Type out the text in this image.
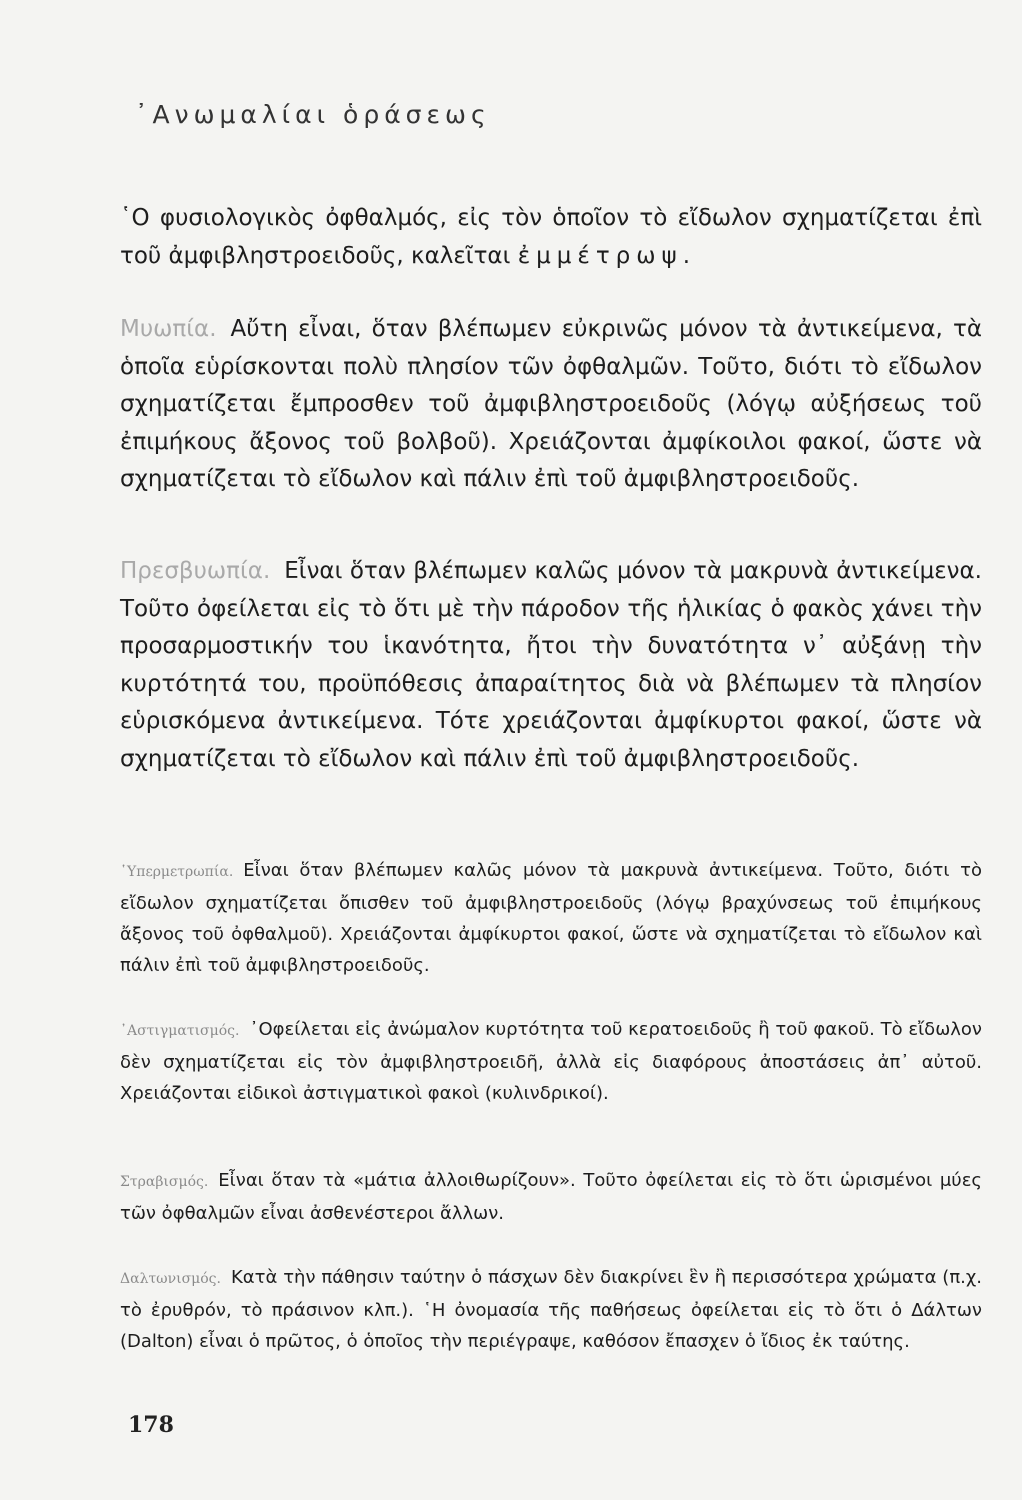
᾿Ανωμαλίαι ὁράσεως

῾Ο φυσιολογικὸς ὀφθαλμός, εἰς τὸν ὁποῖον τὸ εἴδωλον σχηματίζεται ἐπὶ τοῦ ἀμφιβληστροειδοῦς, καλεῖται ἐμμέτρωψ.

Μυωπία. Αὔτη εἶναι, ὅταν βλέπωμεν εὐκρινῶς μόνον τὰ ἀντικείμενα, τὰ ὁποῖα εὑρίσκονται πολὺ πλησίον τῶν ὀφθαλμῶν. Τοῦτο, διότι τὸ εἴδωλον σχηματίζεται ἔμπροσθεν τοῦ ἀμφιβληστροειδοῦς (λόγῳ αὐξήσεως τοῦ ἐπιμήκους ἄξονος τοῦ βολβοῦ). Χρειάζονται ἀμφίκοιλοι φακοί, ὥστε νὰ σχηματίζεται τὸ εἴδωλον καὶ πάλιν ἐπὶ τοῦ ἀμφιβληστροειδοῦς.

Πρεσβυωπία. Εἶναι ὅταν βλέπωμεν καλῶς μόνον τὰ μακρυνὰ ἀντικείμενα. Τοῦτο ὀφείλεται εἰς τὸ ὅτι μὲ τὴν πάροδον τῆς ἡλικίας ὁ φακὸς χάνει τὴν προσαρμοστικήν του ἱκανότητα, ἤτοι τὴν δυνατότητα ν᾿ αὐξάνῃ τὴν κυρτότητά του, προϋπόθεσις ἀπαραίτητος διὰ νὰ βλέπωμεν τὰ πλησίον εὑρισκόμενα ἀντικείμενα. Τότε χρειάζονται ἀμφίκυρτοι φακοί, ὥστε νὰ σχηματίζεται τὸ εἴδωλον καὶ πάλιν ἐπὶ τοῦ ἀμφιβληστροειδοῦς.

῾Υπερμετρωπία. Εἶναι ὅταν βλέπωμεν καλῶς μόνον τὰ μακρυνὰ ἀντικείμενα. Τοῦτο, διότι τὸ εἴδωλον σχηματίζεται ὄπισθεν τοῦ ἀμφιβληστροειδοῦς (λόγῳ βραχύνσεως τοῦ ἐπιμήκους ἄξονος τοῦ ὀφθαλμοῦ). Χρειάζονται ἀμφίκυρτοι φακοί, ὥστε νὰ σχηματίζεται τὸ εἴδωλον καὶ πάλιν ἐπὶ τοῦ ἀμφιβληστροειδοῦς.

᾿Αστιγματισμός. ᾿Οφείλεται εἰς ἀνώμαλον κυρτότητα τοῦ κερατοειδοῦς ἢ τοῦ φακοῦ. Τὸ εἴδωλον δὲν σχηματίζεται εἰς τὸν ἀμφιβληστροειδῆ, ἀλλὰ εἰς διαφόρους ἀποστάσεις ἀπ᾿ αὐτοῦ. Χρειάζονται εἰδικοὶ ἀστιγματικοὶ φακοὶ (κυλινδρικοί).

Στραβισμός. Εἶναι ὅταν τὰ «μάτια ἀλλοιθωρίζουν». Τοῦτο ὀφείλεται εἰς τὸ ὅτι ὡρισμένοι μύες τῶν ὀφθαλμῶν εἶναι ἀσθενέστεροι ἄλλων.

Δαλτωνισμός. Κατὰ τὴν πάθησιν ταύτην ὁ πάσχων δὲν διακρίνει ἓν ἢ περισσότερα χρώματα (π.χ. τὸ ἐρυθρόν, τὸ πράσινον κλπ.). ῾Η ὀνομασία τῆς παθήσεως ὀφείλεται εἰς τὸ ὅτι ὁ Δάλτων (Dalton) εἶναι ὁ πρῶτος, ὁ ὁποῖος τὴν περιέγραψε, καθόσον ἔπασχεν ὁ ἴδιος ἐκ ταύτης.

178
